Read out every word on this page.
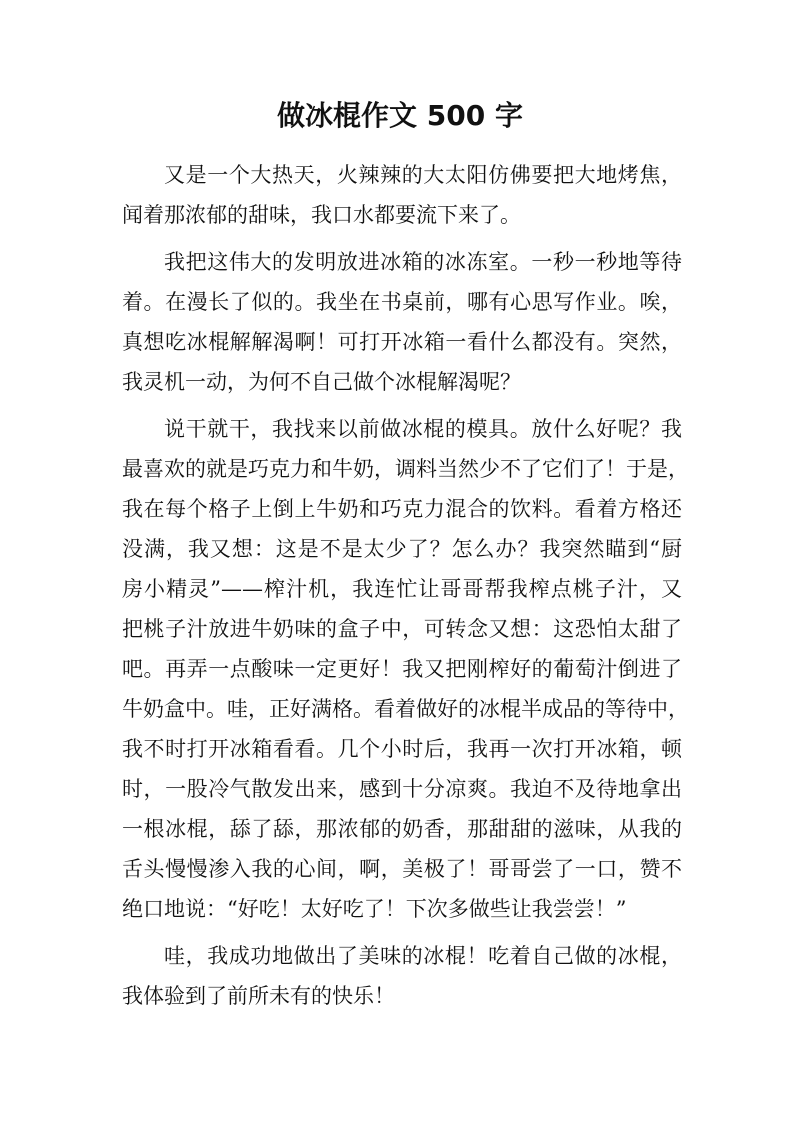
做冰棍作文 500 字
又是一个大热天，火辣辣的大太阳仿佛要把大地烤焦，
闻着那浓郁的甜味，我口水都要流下来了。
我把这伟大的发明放进冰箱的冰冻室。一秒一秒地等待
着。在漫长了似的。我坐在书桌前，哪有心思写作业。唉，
真想吃冰棍解解渴啊！可打开冰箱一看什么都没有。突然，
我灵机一动，为何不自己做个冰棍解渴呢？
说干就干，我找来以前做冰棍的模具。放什么好呢？我
最喜欢的就是巧克力和牛奶，调料当然少不了它们了！于是，
我在每个格子上倒上牛奶和巧克力混合的饮料。看着方格还
没满，我又想：这是不是太少了？怎么办？我突然瞄到“厨
房小精灵”——榨汁机，我连忙让哥哥帮我榨点桃子汁，又
把桃子汁放进牛奶味的盒子中，可转念又想：这恐怕太甜了
吧。再弄一点酸味一定更好！我又把刚榨好的葡萄汁倒进了
牛奶盒中。哇，正好满格。看着做好的冰棍半成品的等待中，
我不时打开冰箱看看。几个小时后，我再一次打开冰箱，顿
时，一股冷气散发出来，感到十分凉爽。我迫不及待地拿出
一根冰棍，舔了舔，那浓郁的奶香，那甜甜的滋味，从我的
舌头慢慢渗入我的心间，啊，美极了！哥哥尝了一口，赞不
绝口地说：“好吃！太好吃了！下次多做些让我尝尝！”
哇，我成功地做出了美味的冰棍！吃着自己做的冰棍，
我体验到了前所未有的快乐！
